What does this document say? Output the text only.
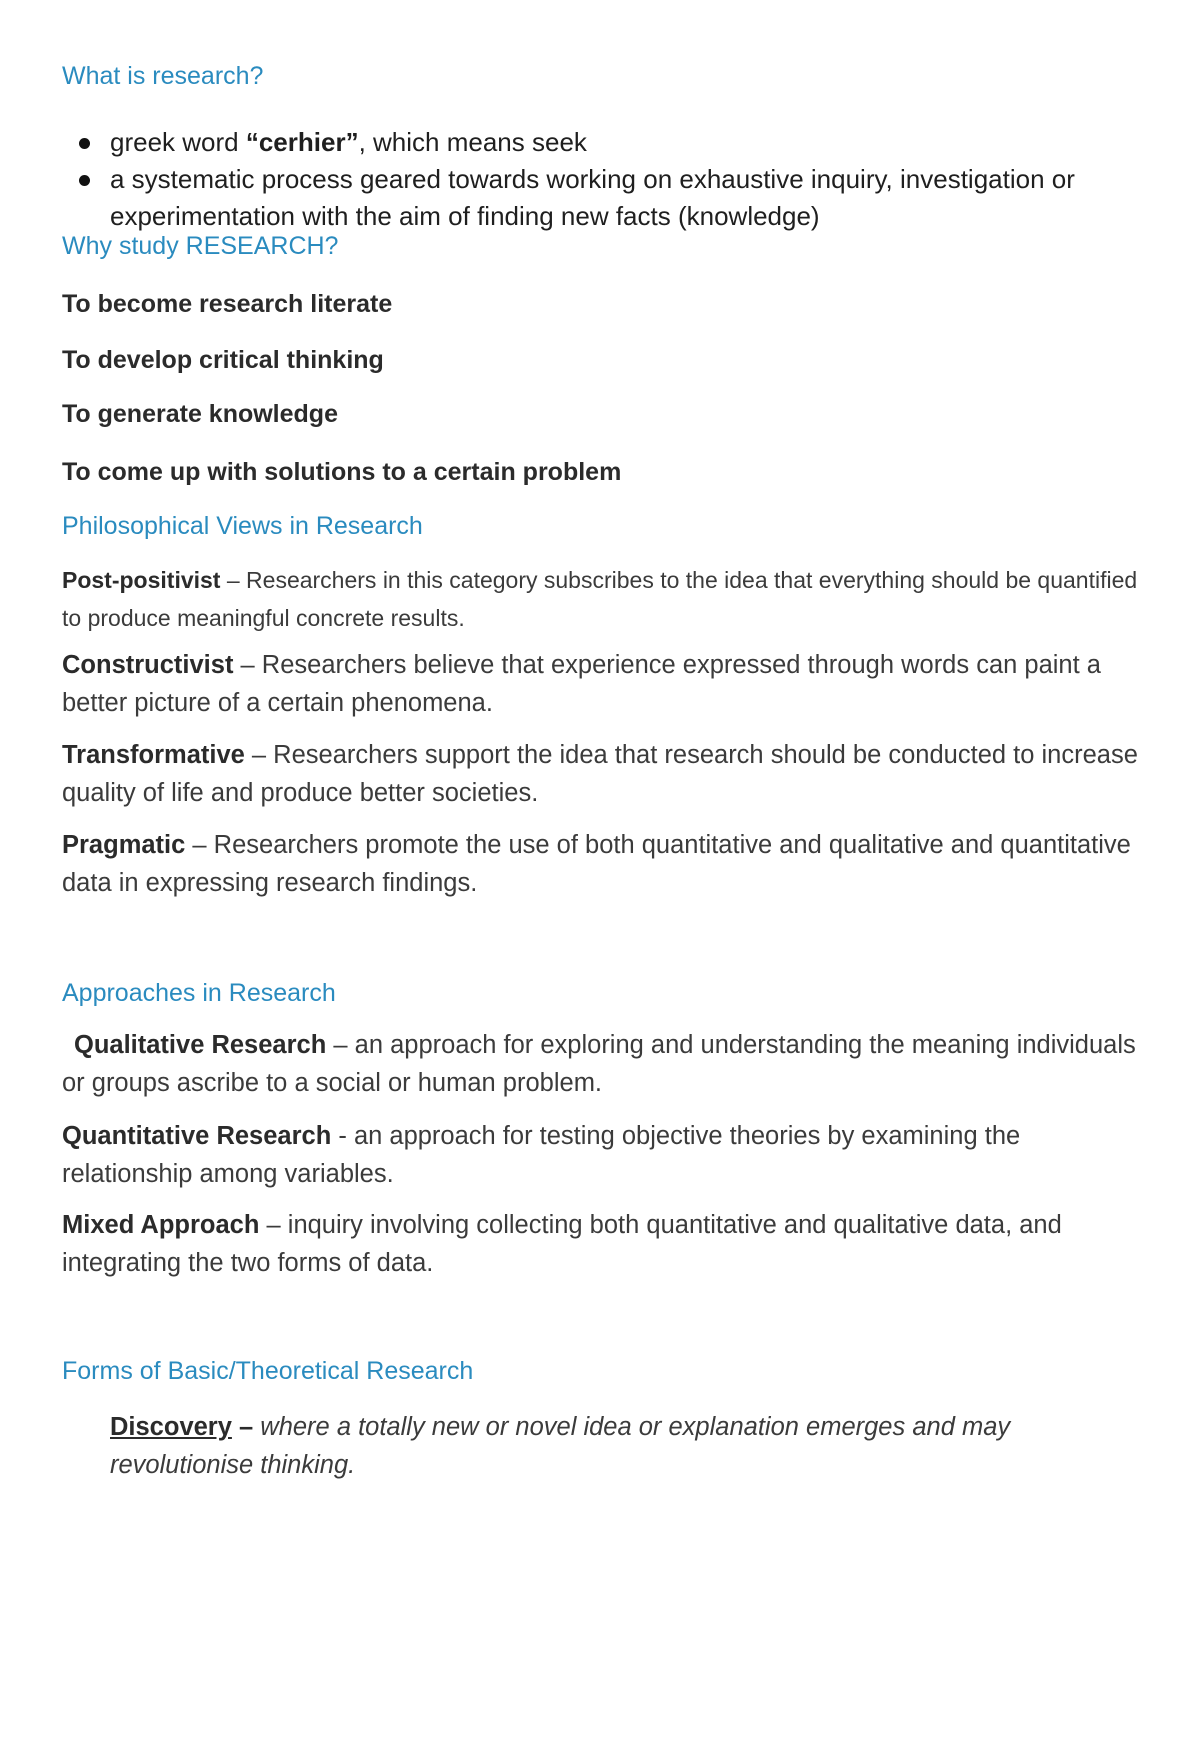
What is research?
greek word “cerhier”, which means seek
a systematic process geared towards working on exhaustive inquiry, investigation or experimentation with the aim of finding new facts (knowledge)
Why study RESEARCH?

To become research literate

To develop critical thinking

To generate knowledge

To come up with solutions to a certain problem

Philosophical Views in Research

Post-positivist – Researchers in this category subscribes to the idea that everything should be quantified to produce meaningful concrete results.

Constructivist – Researchers believe that experience expressed through words can paint a better picture of a certain phenomena.

Transformative – Researchers support the idea that research should be conducted to increase quality of life and produce better societies.

Pragmatic – Researchers promote the use of both quantitative and qualitative and quantitative data in expressing research findings.

Approaches in Research

Qualitative Research – an approach for exploring and understanding the meaning individuals or groups ascribe to a social or human problem.

Quantitative Research - an approach for testing objective theories by examining the relationship among variables.

Mixed Approach – inquiry involving collecting both quantitative and qualitative data, and integrating the two forms of data.

Forms of Basic/Theoretical Research

Discovery – where a totally new or novel idea or explanation emerges and may revolutionise thinking.
